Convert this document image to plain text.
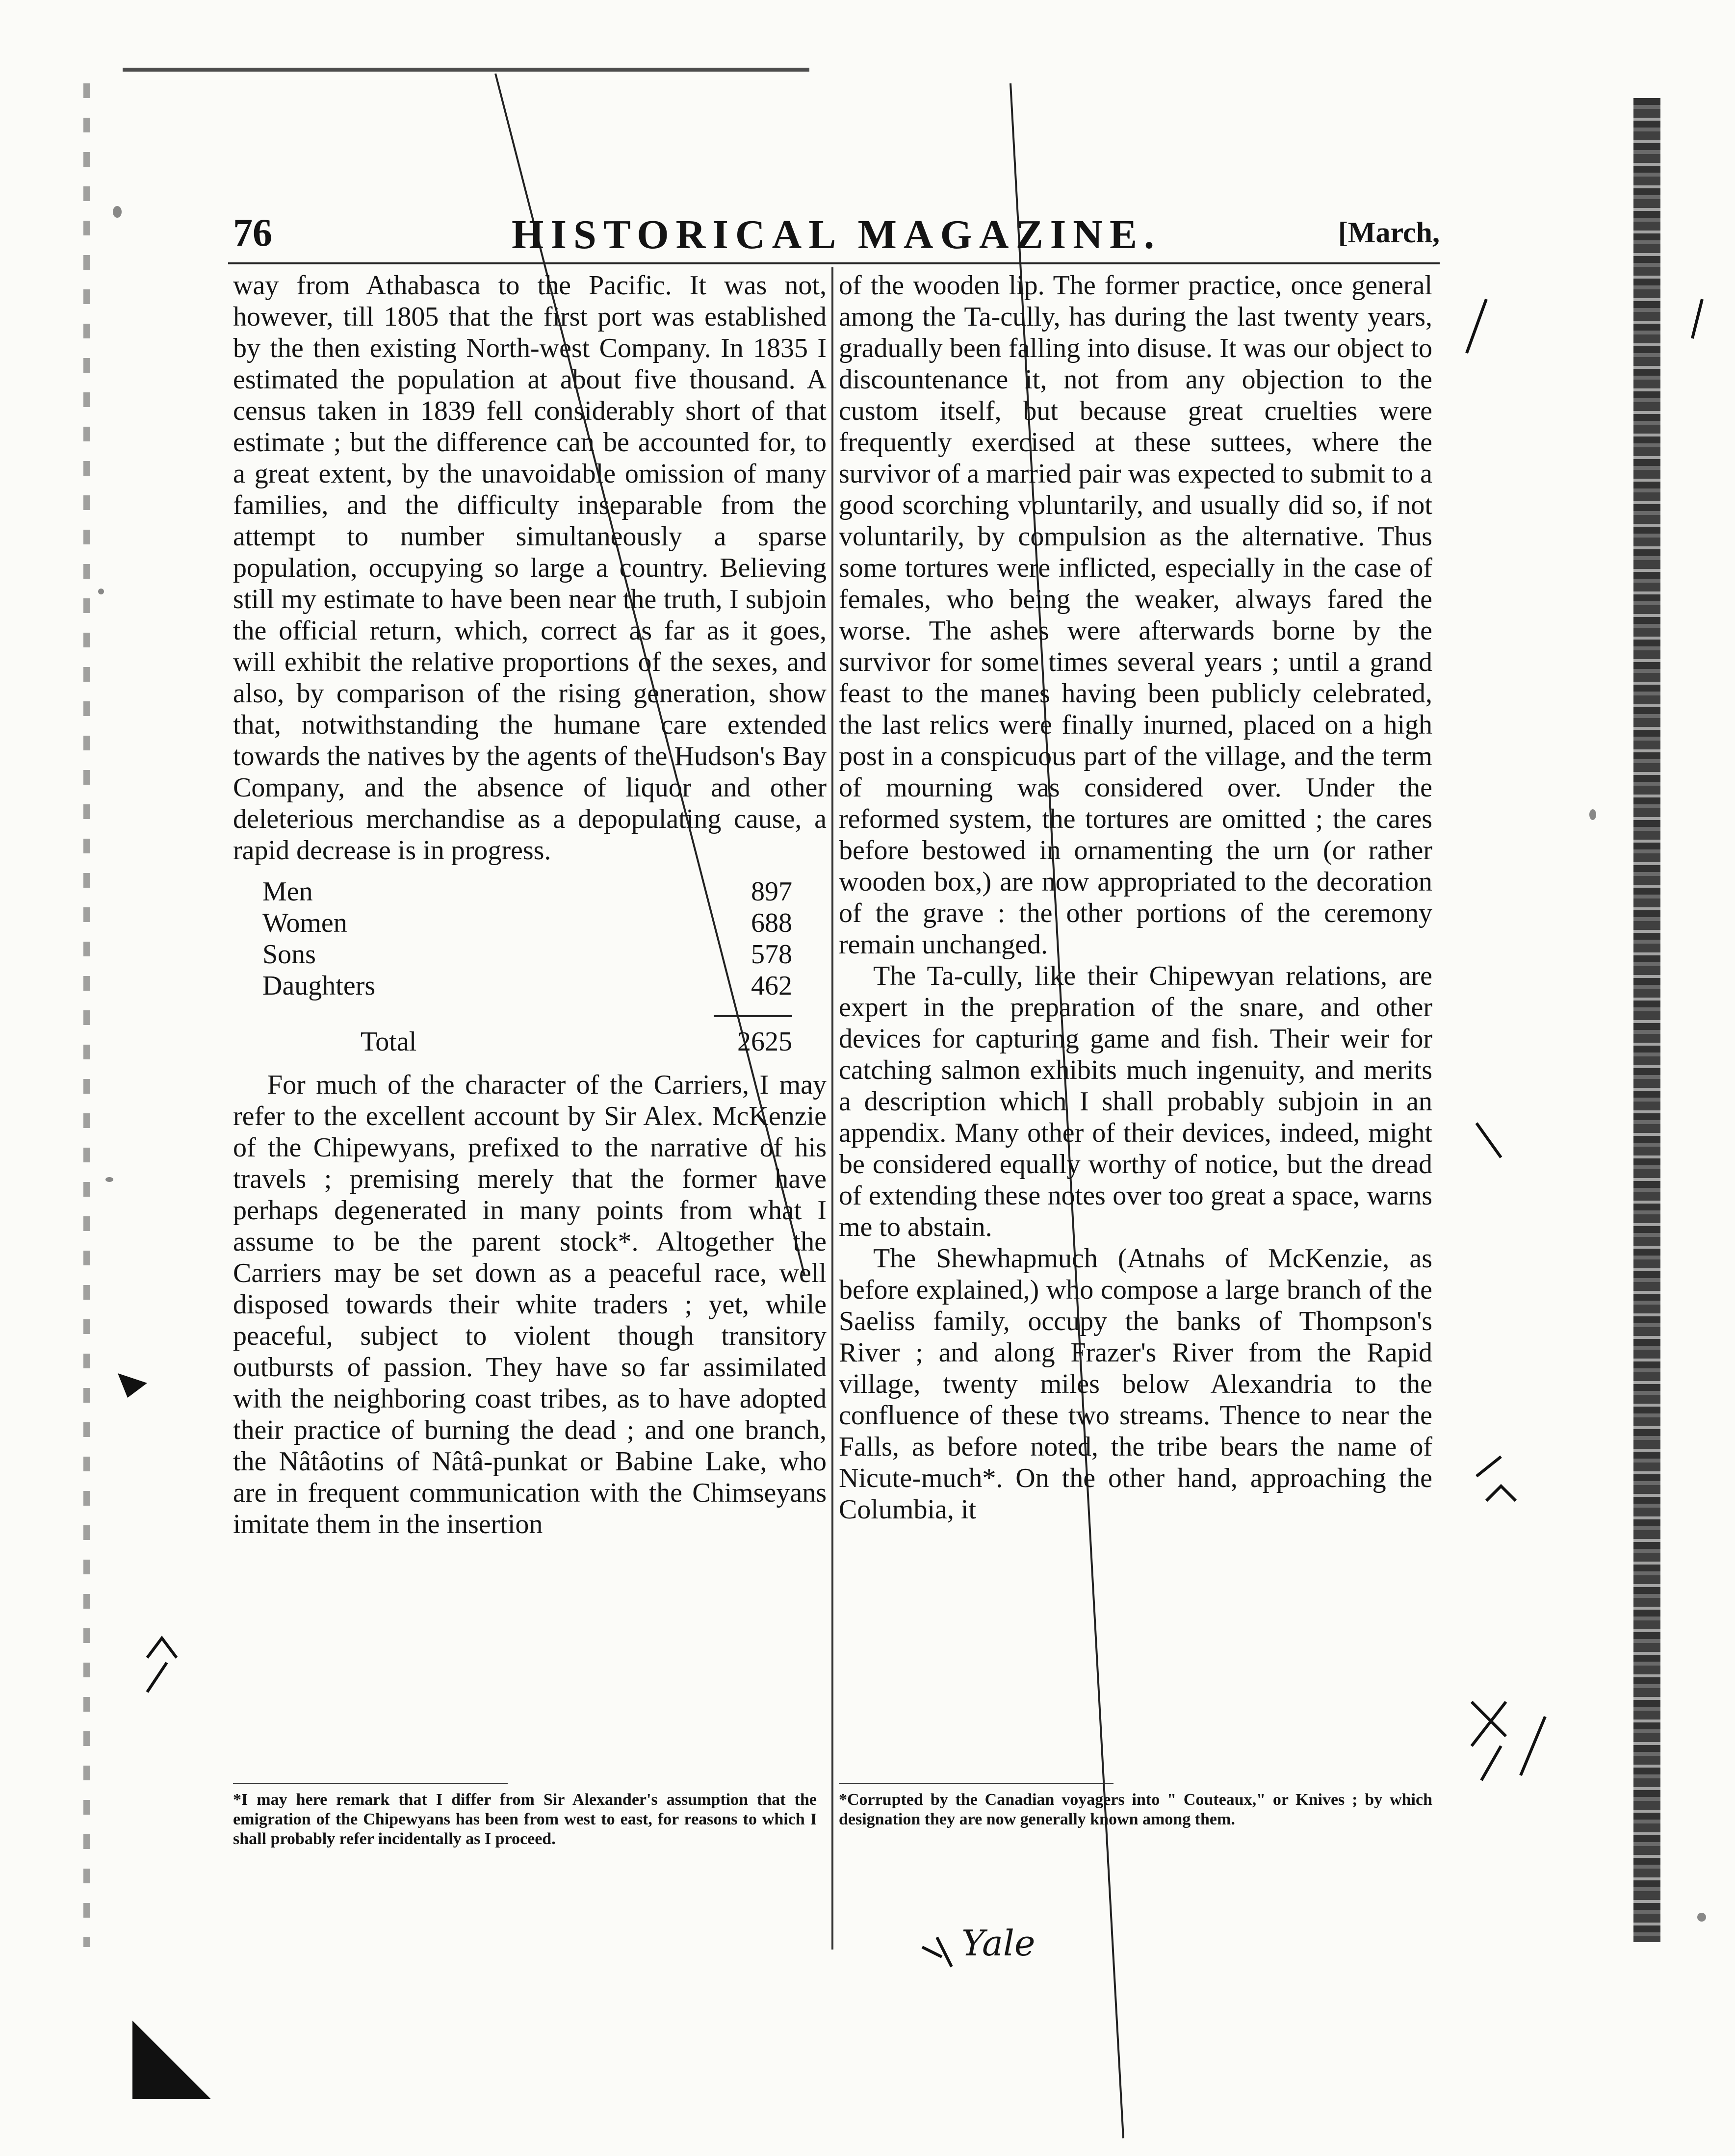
76	HISTORICAL MAGAZINE.	[March,

way from Athabasca to the Pacific. It was not, however, till 1805 that the first port was established by the then existing North-west Company. In 1835 I estimated the population at about five thousand. A census taken in 1839 fell considerably short of that estimate ; but the difference can be accounted for, to a great extent, by the unavoidable omission of many families, and the difficulty inseparable from the attempt to number simultaneously a sparse population, occupying so large a country. Believing still my estimate to have been near the truth, I subjoin the official return, which, correct as far as it goes, will exhibit the relative proportions of the sexes, and also, by comparison of the rising generation, show that, notwithstanding the humane care extended towards the natives by the agents of the Hudson's Bay Company, and the absence of liquor and other deleterious merchandise as a depopulating cause, a rapid decrease is in progress.

Men	897
Women	688
Sons	578
Daughters	462
Total	2625

For much of the character of the Carriers, I may refer to the excellent account by Sir Alex. McKenzie of the Chipewyans, prefixed to the narrative of his travels ; premising merely that the former have perhaps degenerated in many points from what I assume to be the parent stock*. Altogether the Carriers may be set down as a peaceful race, well disposed towards their white traders ; yet, while peaceful, subject to violent though transitory outbursts of passion. They have so far assimilated with the neighboring coast tribes, as to have adopted their practice of burning the dead ; and one branch, the Nâtâotins of Nâtâ-punkat or Babine Lake, who are in frequent communication with the Chimseyans imitate them in the insertion

of the wooden lip. The former practice, once general among the Ta-cully, has during the last twenty years, gradually been falling into disuse. It was our object to discountenance it, not from any objection to the custom itself, but because great cruelties were frequently exercised at these suttees, where the survivor of a married pair was expected to submit to a good scorching voluntarily, and usually did so, if not voluntarily, by compulsion as the alternative. Thus some tortures were inflicted, especially in the case of females, who being the weaker, always fared the worse. The ashes were afterwards borne by the survivor for some times several years ; until a grand feast to the manes having been publicly celebrated, the last relics were finally inurned, placed on a high post in a conspicuous part of the village, and the term of mourning was considered over. Under the reformed system, the tortures are omitted ; the cares before bestowed in ornamenting the urn (or rather wooden box,) are now appropriated to the decoration of the grave : the other portions of the ceremony remain unchanged.

The Ta-cully, like their Chipewyan relations, are expert in the preparation of the snare, and other devices for capturing game and fish. Their weir for catching salmon exhibits much ingenuity, and merits a description which I shall probably subjoin in an appendix. Many other of their devices, indeed, might be considered equally worthy of notice, but the dread of extending these notes over too great a space, warns me to abstain.

The Shewhapmuch (Atnahs of McKenzie, as before explained,) who compose a large branch of the Saeliss family, occupy the banks of Thompson's River ; and along Frazer's River from the Rapid village, twenty miles below Alexandria to the confluence of these two streams. Thence to near the Falls, as before noted, the tribe bears the name of Nicute-much*. On the other hand, approaching the Columbia, it

*I may here remark that I differ from Sir Alexander's assumption that the emigration of the Chipewyans has been from west to east, for reasons to which I shall probably refer incidentally as I proceed.
*Corrupted by the Canadian voyagers into " Couteaux," or Knives ; by which designation they are now generally known among them.
Yale
